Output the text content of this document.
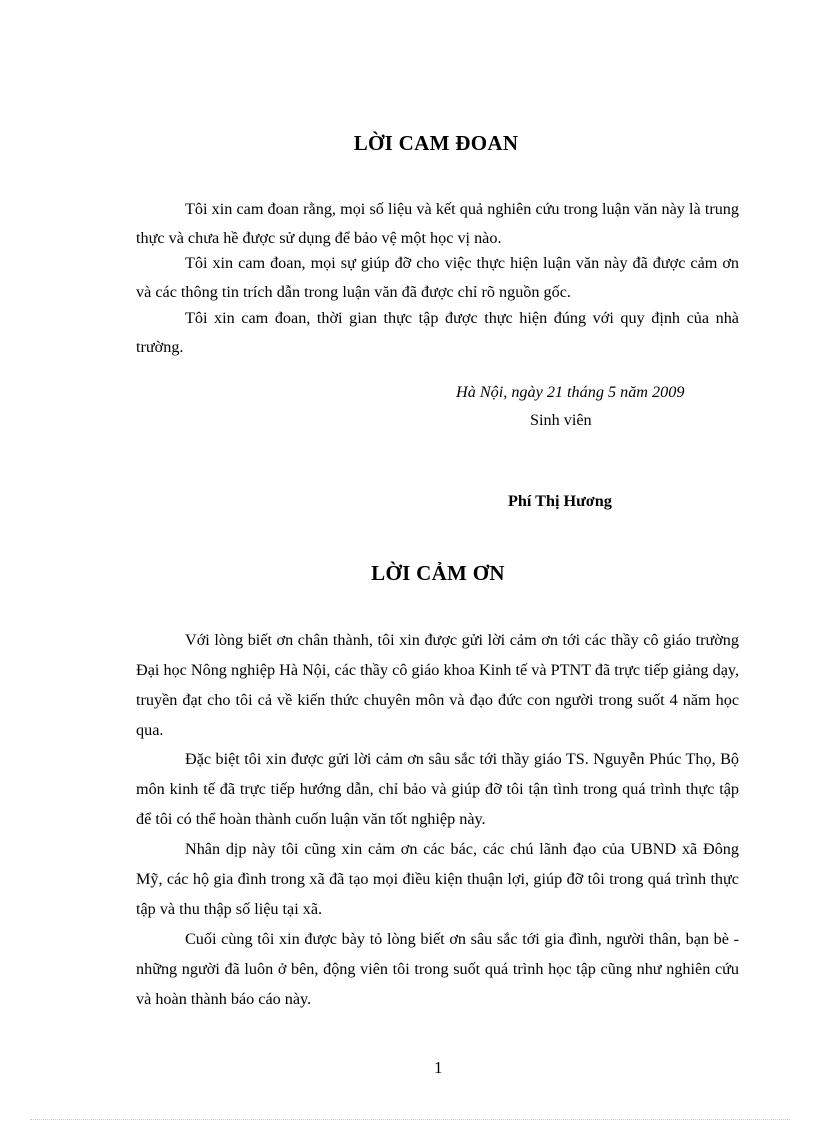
LỜI CAM ĐOAN

Tôi xin cam đoan rằng, mọi số liệu và kết quả nghiên cứu trong luận văn này là trung thực và chưa hề được sử dụng để bảo vệ một học vị nào.

Tôi xin cam đoan, mọi sự giúp đỡ cho việc thực hiện luận văn này đã được cảm ơn và các thông tin trích dẫn trong luận văn đã được chỉ rõ nguồn gốc.

Tôi xin cam đoan, thời gian thực tập được thực hiện đúng với quy định của nhà trường.

Hà Nội, ngày 21 tháng 5 năm 2009
Sinh viên
Phí Thị Hương
LỜI CẢM ƠN

Với lòng biết ơn chân thành, tôi xin được gửi lời cảm ơn tới các thầy cô giáo trường Đại học Nông nghiệp Hà Nội, các thầy cô giáo khoa Kinh tế và PTNT đã trực tiếp giảng dạy, truyền đạt cho tôi cả về kiến thức chuyên môn và đạo đức con người trong suốt 4 năm học qua.

Đặc biệt tôi xin được gửi lời cảm ơn sâu sắc tới thầy giáo TS. Nguyễn Phúc Thọ, Bộ môn kinh tế đã trực tiếp hướng dẫn, chỉ bảo và giúp đỡ tôi tận tình trong quá trình thực tập để tôi có thể hoàn thành cuốn luận văn tốt nghiệp này.

Nhân dịp này tôi cũng xin cảm ơn các bác, các chú lãnh đạo của UBND xã Đông Mỹ, các hộ gia đình trong xã đã tạo mọi điều kiện thuận lợi, giúp đỡ tôi trong quá trình thực tập và thu thập số liệu tại xã.

Cuối cùng tôi xin được bày tỏ lòng biết ơn sâu sắc tới gia đình, người thân, bạn bè - những người đã luôn ở bên, động viên tôi trong suốt quá trình học tập cũng như nghiên cứu và hoàn thành báo cáo này.

1
